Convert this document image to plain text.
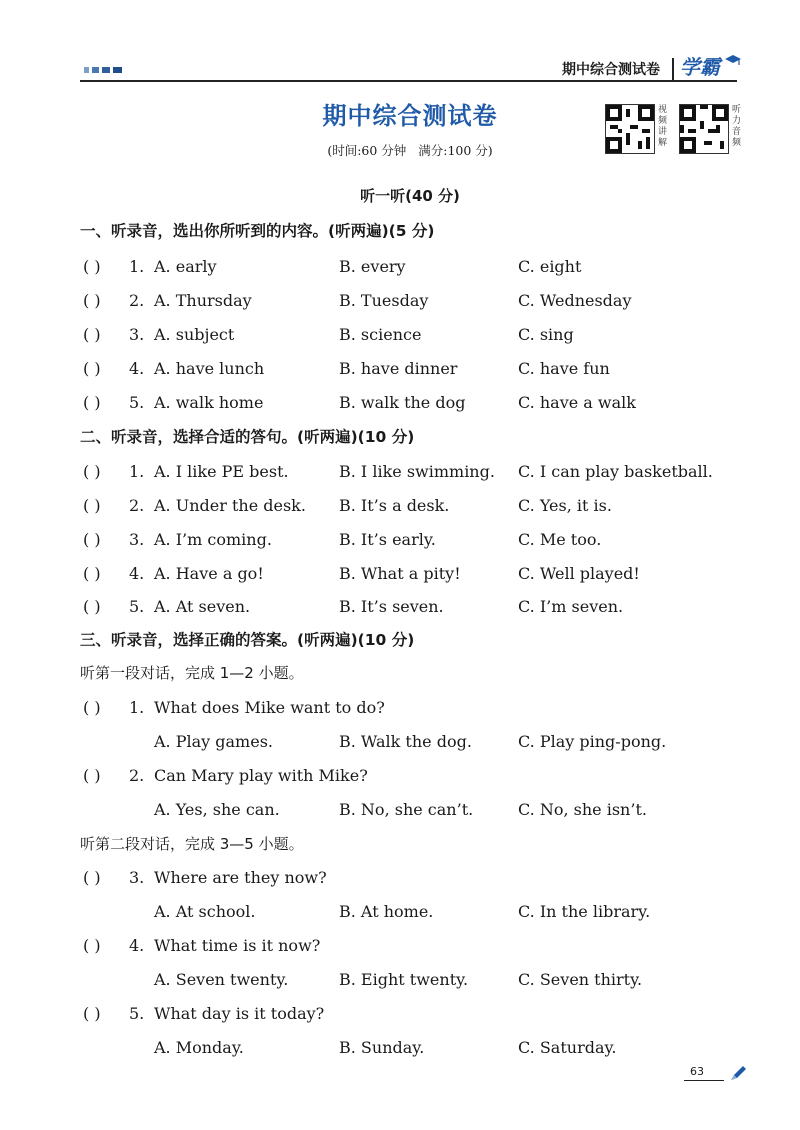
期中综合测试卷 学霸
期中综合测试卷
(时间:60 分钟   满分:100 分)
视
频
讲
解
听
力
音
频
听一听(40 分)
一、听录音，选出你所听到的内容。(听两遍)(5 分)
( ) 1. A. early	B. every	C. eight
( ) 2. A. Thursday	B. Tuesday	C. Wednesday
( ) 3. A. subject	B. science	C. sing
( ) 4. A. have lunch	B. have dinner	C. have fun
( ) 5. A. walk home	B. walk the dog	C. have a walk
二、听录音，选择合适的答句。(听两遍)(10 分)
( ) 1. A. I like PE best.	B. I like swimming. C. I can play basketball.
( ) 2. A. Under the desk. B. It’s a desk.	C. Yes, it is.
( ) 3. A. I’m coming.	B. It’s early.	C. Me too.
( ) 4. A. Have a go!	B. What a pity!	C. Well played!
( ) 5. A. At seven.	B. It’s seven.	C. I’m seven.
三、听录音，选择正确的答案。(听两遍)(10 分)
听第一段对话，完成 1—2 小题。
( ) 1. What does Mike want to do?
A. Play games.	B. Walk the dog.	C. Play ping-pong.
( ) 2. Can Mary play with Mike?
A. Yes, she can.	B. No, she can’t.	C. No, she isn’t.
听第二段对话，完成 3—5 小题。
( ) 3. Where are they now?
A. At school.	B. At home.	C. In the library.
( ) 4. What time is it now?
A. Seven twenty.	B. Eight twenty.	C. Seven thirty.
( ) 5. What day is it today?
A. Monday.	B. Sunday.	C. Saturday.
63
